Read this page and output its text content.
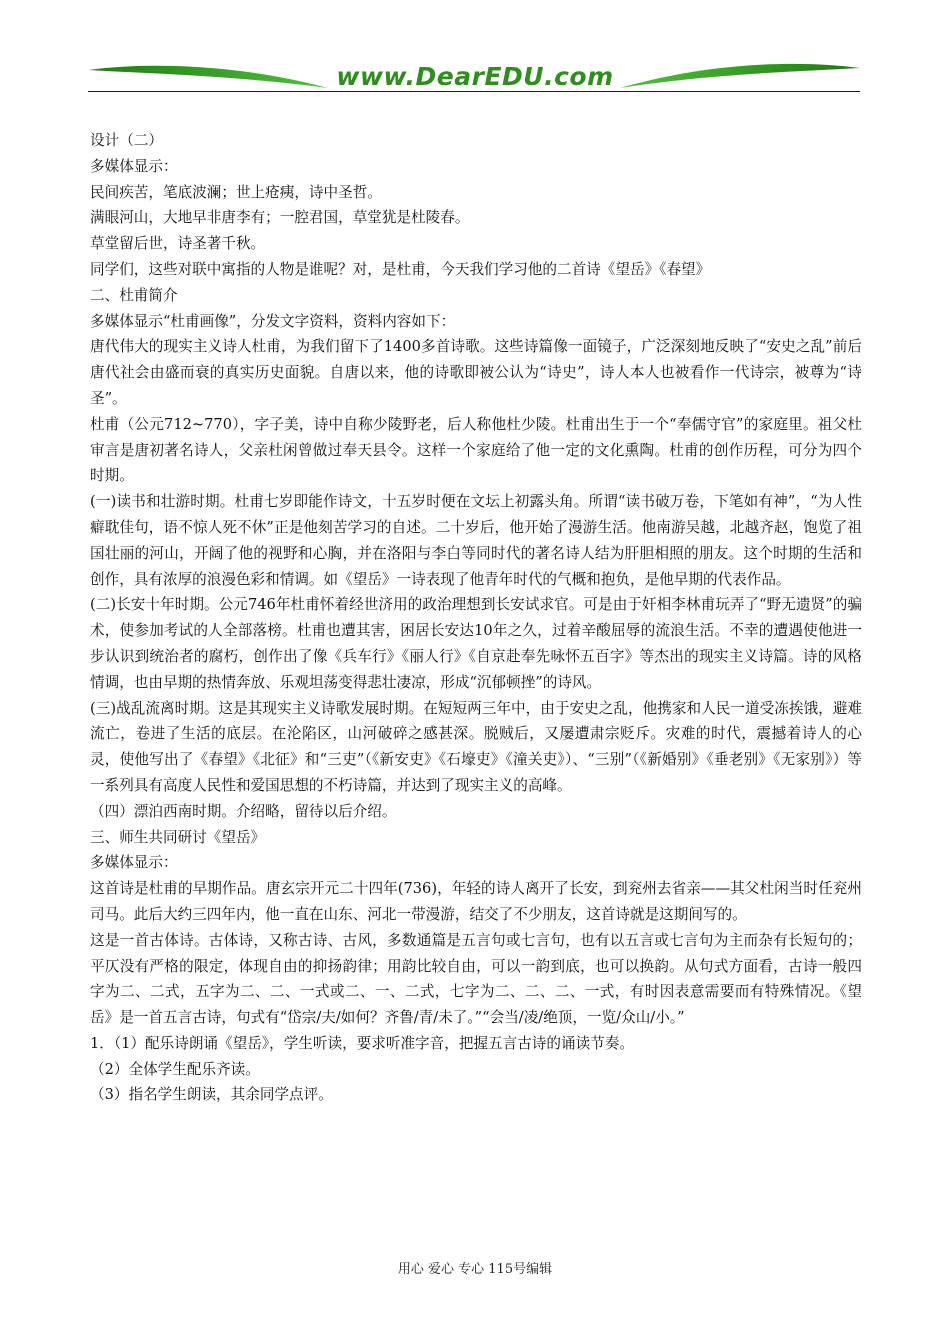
www.DearEDU.com

设计（二）

多媒体显示：

民间疾苦，笔底波澜；世上疮痍，诗中圣哲。

满眼河山，大地早非唐李有；一腔君国，草堂犹是杜陵春。

草堂留后世，诗圣著千秋。

同学们，这些对联中寓指的人物是谁呢？对，是杜甫，今天我们学习他的二首诗《望岳》《春望》

二、杜甫简介

多媒体显示“杜甫画像”，分发文字资料，资料内容如下：

唐代伟大的现实主义诗人杜甫，为我们留下了1400多首诗歌。这些诗篇像一面镜子，广泛深刻地反映了“安史之乱”前后唐代社会由盛而衰的真实历史面貌。自唐以来，他的诗歌即被公认为“诗史”，诗人本人也被看作一代诗宗，被尊为“诗圣”。

杜甫（公元712~770），字子美，诗中自称少陵野老，后人称他杜少陵。杜甫出生于一个“奉儒守官”的家庭里。祖父杜审言是唐初著名诗人，父亲杜闲曾做过奉天县令。这样一个家庭给了他一定的文化熏陶。杜甫的创作历程，可分为四个时期。

(一)读书和壮游时期。杜甫七岁即能作诗文，十五岁时便在文坛上初露头角。所谓“读书破万卷，下笔如有神”，“为人性癖耽佳句，语不惊人死不休”正是他刻苦学习的自述。二十岁后，他开始了漫游生活。他南游吴越，北越齐赵，饱览了祖国壮丽的河山，开阔了他的视野和心胸，并在洛阳与李白等同时代的著名诗人结为肝胆相照的朋友。这个时期的生活和创作，具有浓厚的浪漫色彩和情调。如《望岳》一诗表现了他青年时代的气概和抱负，是他早期的代表作品。

(二)长安十年时期。公元746年杜甫怀着经世济用的政治理想到长安试求官。可是由于奸相李林甫玩弄了“野无遗贤”的骗术，使参加考试的人全部落榜。杜甫也遭其害，困居长安达10年之久，过着辛酸屈辱的流浪生活。不幸的遭遇使他进一步认识到统治者的腐朽，创作出了像《兵车行》《丽人行》《自京赴奉先咏怀五百字》等杰出的现实主义诗篇。诗的风格情调，也由早期的热情奔放、乐观坦荡变得悲壮凄凉，形成“沉郁顿挫”的诗风。

(三)战乱流离时期。这是其现实主义诗歌发展时期。在短短两三年中，由于安史之乱，他携家和人民一道受冻挨饿，避难流亡，卷进了生活的底层。在沦陷区，山河破碎之感甚深。脱贼后，又屡遭肃宗贬斥。灾难的时代，震撼着诗人的心灵，使他写出了《春望》《北征》和“三吏”（《新安吏》《石壕吏》《潼关吏》）、“三别”（《新婚别》《垂老别》《无家别》）等一系列具有高度人民性和爱国思想的不朽诗篇，并达到了现实主义的高峰。

（四）漂泊西南时期。介绍略，留待以后介绍。

三、师生共同研讨《望岳》

多媒体显示：

这首诗是杜甫的早期作品。唐玄宗开元二十四年(736)，年轻的诗人离开了长安，到兖州去省亲——其父杜闲当时任兖州司马。此后大约三四年内，他一直在山东、河北一带漫游，结交了不少朋友，这首诗就是这期间写的。

这是一首古体诗。古体诗，又称古诗、古风，多数通篇是五言句或七言句，也有以五言或七言句为主而杂有长短句的；平仄没有严格的限定，体现自由的抑扬韵律；用韵比较自由，可以一韵到底，也可以换韵。从句式方面看，古诗一般四字为二、二式，五字为二、二、一式或二、一、二式，七字为二、二、二、一式，有时因表意需要而有特殊情况。《望岳》是一首五言古诗，句式有“岱宗/夫/如何？齐鲁/青/未了。”“会当/凌/绝顶，一览/众山/小。”

1．（1）配乐诗朗诵《望岳》，学生听读，要求听准字音，把握五言古诗的诵读节奏。

（2）全体学生配乐齐读。

（3）指名学生朗读，其余同学点评。

用心 爱心 专心 115号编辑
